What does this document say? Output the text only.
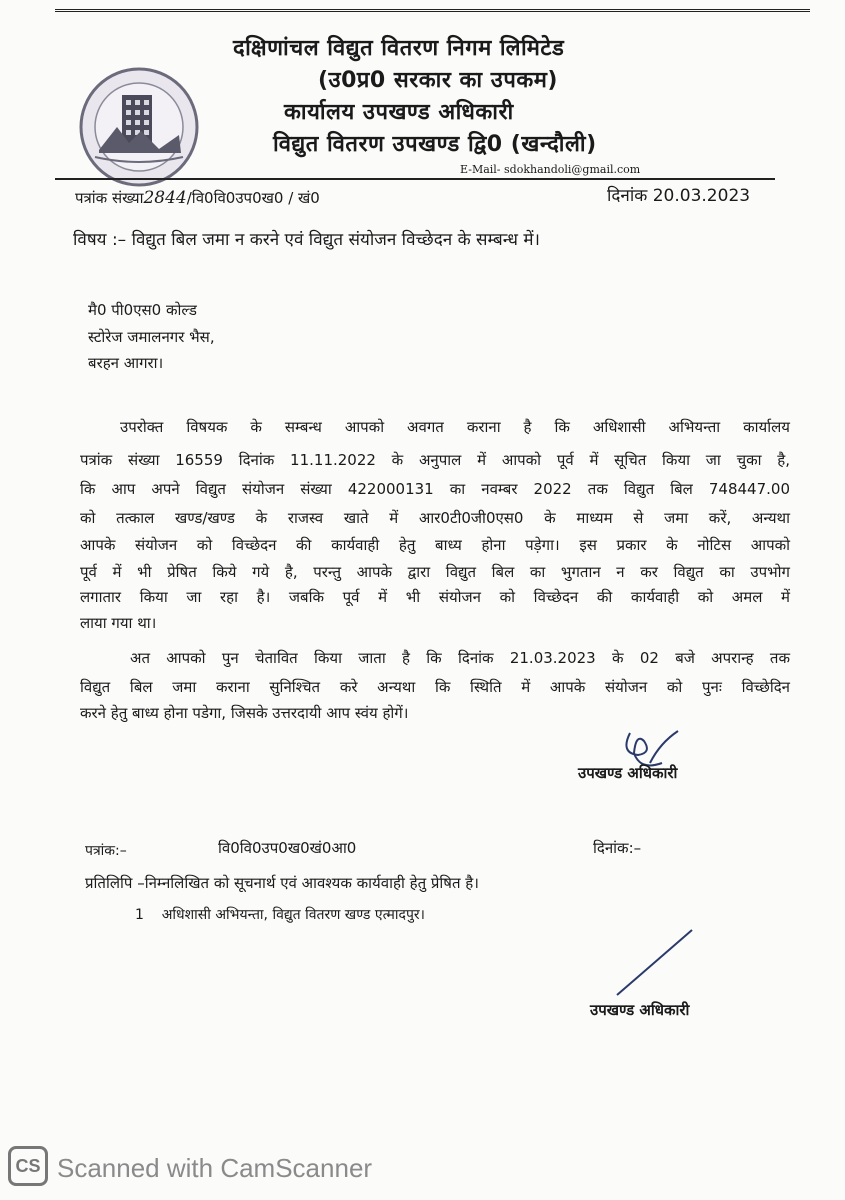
दक्षिणांचल विद्युत वितरण निगम लिमिटेड
(उ0प्र0 सरकार का उपकम)
कार्यालय उपखण्ड अधिकारी
विद्युत वितरण उपखण्ड द्वि0 (खन्दौली)
E-Mail- sdokhandoli@gmail.com
पत्रांक संख्या2844/वि0वि0उप0ख0 / खं0	दिनांक 20.03.2023
विषय :– विद्युत बिल जमा न करने एवं विद्युत संयोजन विच्छेदन के सम्बन्ध में।
मै0 पी0एस0 कोल्ड
स्टोरेज जमालनगर भैस,
बरहन आगरा।
उपरोक्त विषयक के सम्बन्ध आपको अवगत कराना है कि अधिशासी अभियन्ता कार्यालय
पत्रांक संख्या 16559 दिनांक 11.11.2022 के अनुपाल में आपको पूर्व में सूचित किया जा चुका है,
कि आप अपने विद्युत संयोजन संख्या 422000131 का नवम्बर 2022 तक विद्युत बिल 748447.00
को तत्काल खण्ड/खण्ड के राजस्व खाते में आर0टी0जी0एस0 के माध्यम से जमा करें, अन्यथा
आपके संयोजन को विच्छेदन की कार्यवाही हेतु बाध्य होना पड़ेगा। इस प्रकार के नोटिस आपको
पूर्व में भी प्रेषित किये गये है, परन्तु आपके द्वारा विद्युत बिल का भुगतान न कर विद्युत का उपभोग
लगातार किया जा रहा है। जबकि पूर्व में भी संयोजन को विच्छेदन की कार्यवाही को अमल में
लाया गया था।
अत आपको पुन चेतावित किया जाता है कि दिनांक 21.03.2023 के 02 बजे अपरान्ह तक
विद्युत बिल जमा कराना सुनिश्चित करे अन्यथा कि स्थिति में आपके संयोजन को पुनः विच्छेदिन
करने हेतु बाध्य होना पडेगा, जिसके उत्तरदायी आप स्वंय होगें।
उपखण्ड अधिकारी
पत्रांक:–	वि0वि0उप0ख0खं0आ0	दिनांक:–
प्रतिलिपि –निम्नलिखित को सूचनार्थ एवं आवश्यक कार्यवाही हेतु प्रेषित है।
1 अधिशासी अभियन्ता, विद्युत वितरण खण्ड एत्मादपुर।
उपखण्ड अधिकारी
CS Scanned with CamScanner
